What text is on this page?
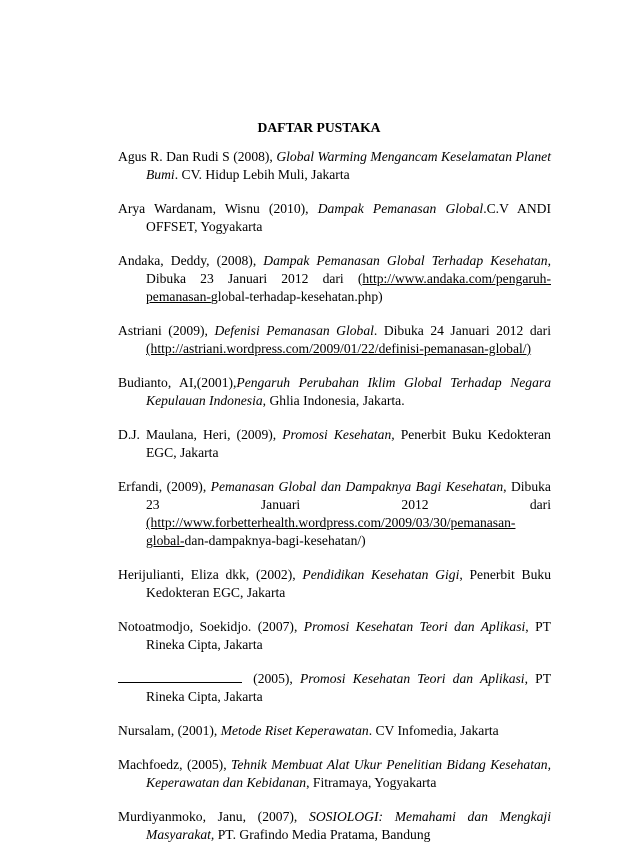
DAFTAR PUSTAKA
Agus R. Dan Rudi S (2008), Global Warming Mengancam Keselamatan Planet Bumi. CV. Hidup Lebih Muli, Jakarta
Arya Wardanam, Wisnu (2010), Dampak Pemanasan Global.C.V ANDI OFFSET, Yogyakarta
Andaka, Deddy, (2008), Dampak Pemanasan Global Terhadap Kesehatan, Dibuka 23 Januari 2012 dari (http://www.andaka.com/pengaruh-pemanasan-global-terhadap-kesehatan.php)
Astriani (2009), Defenisi Pemanasan Global. Dibuka 24 Januari 2012 dari (http://astriani.wordpress.com/2009/01/22/definisi-pemanasan-global/)
Budianto, AI,(2001),Pengaruh Perubahan Iklim Global Terhadap Negara Kepulauan Indonesia, Ghlia Indonesia, Jakarta.
D.J. Maulana, Heri, (2009), Promosi Kesehatan, Penerbit Buku Kedokteran EGC, Jakarta
Erfandi, (2009), Pemanasan Global dan Dampaknya Bagi Kesehatan, Dibuka 23 Januari 2012 dari (http://www.forbetterhealth.wordpress.com/2009/03/30/pemanasan-global-dan-dampaknya-bagi-kesehatan/)
Herijulianti, Eliza dkk, (2002), Pendidikan Kesehatan Gigi, Penerbit Buku Kedokteran EGC, Jakarta
Notoatmodjo, Soekidjo. (2007), Promosi Kesehatan Teori dan Aplikasi, PT Rineka Cipta, Jakarta
(2005), Promosi Kesehatan Teori dan Aplikasi, PT Rineka Cipta, Jakarta
Nursalam, (2001), Metode Riset Keperawatan. CV Infomedia, Jakarta
Machfoedz, (2005), Tehnik Membuat Alat Ukur Penelitian Bidang Kesehatan, Keperawatan dan Kebidanan, Fitramaya, Yogyakarta
Murdiyanmoko, Janu, (2007), SOSIOLOGI: Memahami dan Mengkaji Masyarakat, PT. Grafindo Media Pratama, Bandung
